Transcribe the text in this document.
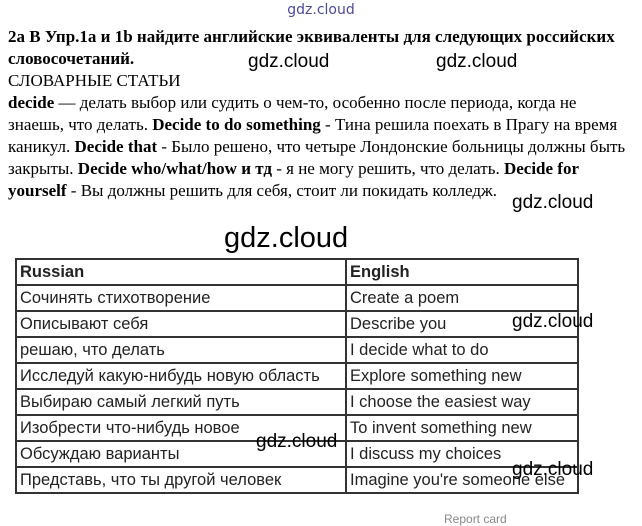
gdz.cloud
2a В Упр.1a и 1b найдите английские эквиваленты для следующих российских словосочетаний.
СЛОВАРНЫЕ СТАТЬИ
decide — делать выбор или судить о чем-то, особенно после периода, когда не знаешь, что делать. Decide to do something - Тина решила поехать в Прагу на время каникул. Decide that - Было решено, что четыре Лондонские больницы должны быть закрыты. Decide who/what/how и тд - я не могу решить, что делать. Decide for yourself - Вы должны решить для себя, стоит ли покидать колледж.
Russian	English
Сочинять стихотворение	Create a poem
Описывают себя	Describe you
решаю, что делать	I decide what to do
Исследуй какую-нибудь новую область	Explore something new
Выбираю самый легкий путь	I choose the easiest way
Изобрести что-нибудь новое	To invent something new
Обсуждаю варианты	I discuss my choices
Представь, что ты другой человек	Imagine you're someone else
gdz.cloud	gdz.cloud
gdz.cloud
gdz.cloud
gdz.cloud
gdz.cloud
gdz.cloud
Report card
